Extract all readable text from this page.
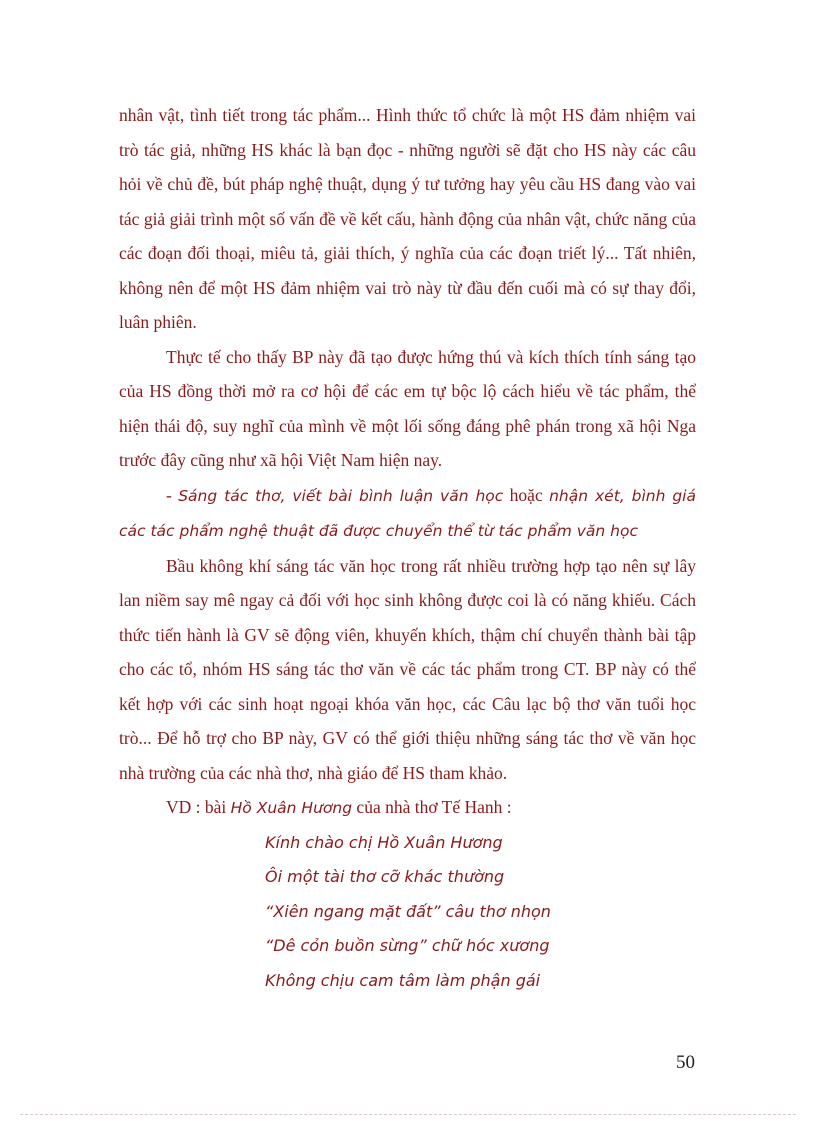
nhân vật, tình tiết trong tác phẩm... Hình thức tổ chức là một HS đảm nhiệm vai trò tác giả, những HS khác là bạn đọc - những người sẽ đặt cho HS này các câu hỏi về chủ đề, bút pháp nghệ thuật, dụng ý tư tưởng hay yêu cầu HS đang vào vai tác giả giải trình một số vấn đề về kết cấu, hành động của nhân vật, chức năng của các đoạn đối thoại, miêu tả, giải thích, ý nghĩa của các đoạn triết lý... Tất nhiên, không nên để một HS đảm nhiệm vai trò này từ đầu đến cuối mà có sự thay đổi, luân phiên.

Thực tế cho thấy BP này đã tạo được hứng thú và kích thích tính sáng tạo của HS đồng thời mở ra cơ hội để các em tự bộc lộ cách hiểu về tác phẩm, thể hiện thái độ, suy nghĩ của mình về một lối sống đáng phê phán trong xã hội Nga trước đây cũng như xã hội Việt Nam hiện nay.

- Sáng tác thơ, viết bài bình luận văn học hoặc nhận xét, bình giá các tác phẩm nghệ thuật đã được chuyển thể từ tác phẩm văn học

Bầu không khí sáng tác văn học trong rất nhiều trường hợp tạo nên sự lây lan niềm say mê ngay cả đối với học sinh không được coi là có năng khiếu. Cách thức tiến hành là GV sẽ động viên, khuyến khích, thậm chí chuyển thành bài tập cho các tổ, nhóm HS sáng tác thơ văn về các tác phẩm trong CT. BP này có thể kết hợp với các sinh hoạt ngoại khóa văn học, các Câu lạc bộ thơ văn tuổi học trò... Để hỗ trợ cho BP này, GV có thể giới thiệu những sáng tác thơ về văn học nhà trường của các nhà thơ, nhà giáo để HS tham khảo.

VD : bài Hồ Xuân Hương của nhà thơ Tế Hanh :

Kính chào chị Hồ Xuân Hương
Ôi một tài thơ cỡ khác thường
“Xiên ngang mặt đất” câu thơ nhọn
“Dê cỏn buồn sừng” chữ hóc xương
Không chịu cam tâm làm phận gái
50
